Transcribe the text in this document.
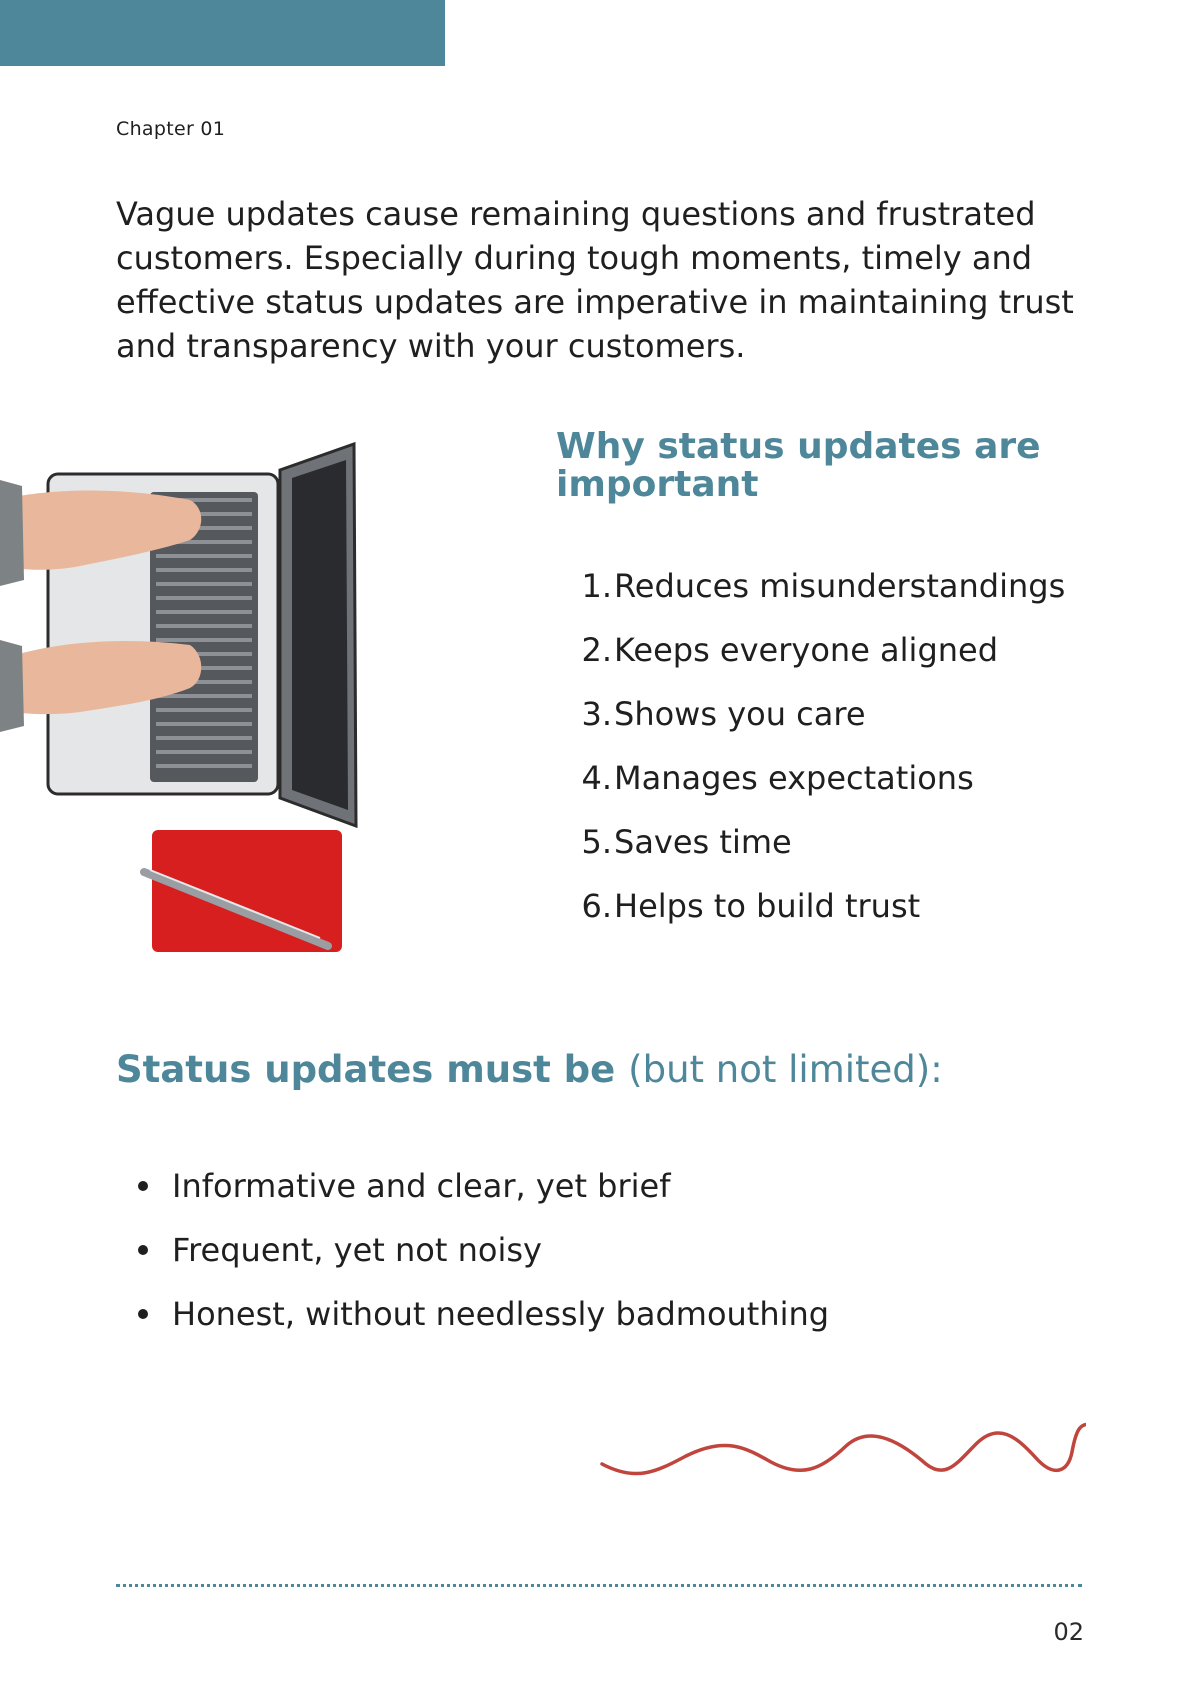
Chapter 01

Vague updates cause remaining questions and frustrated customers. Especially during tough moments, timely and effective status updates are imperative in maintaining trust and transparency with your customers.

Why status updates are important
1. Reduces misunderstandings
2. Keeps everyone aligned
3. Shows you care
4. Manages expectations
5. Saves time
6. Helps to build trust
Status updates must be (but not limited):
Informative and clear, yet brief
Frequent, yet not noisy
Honest, without needlessly badmouthing
02
